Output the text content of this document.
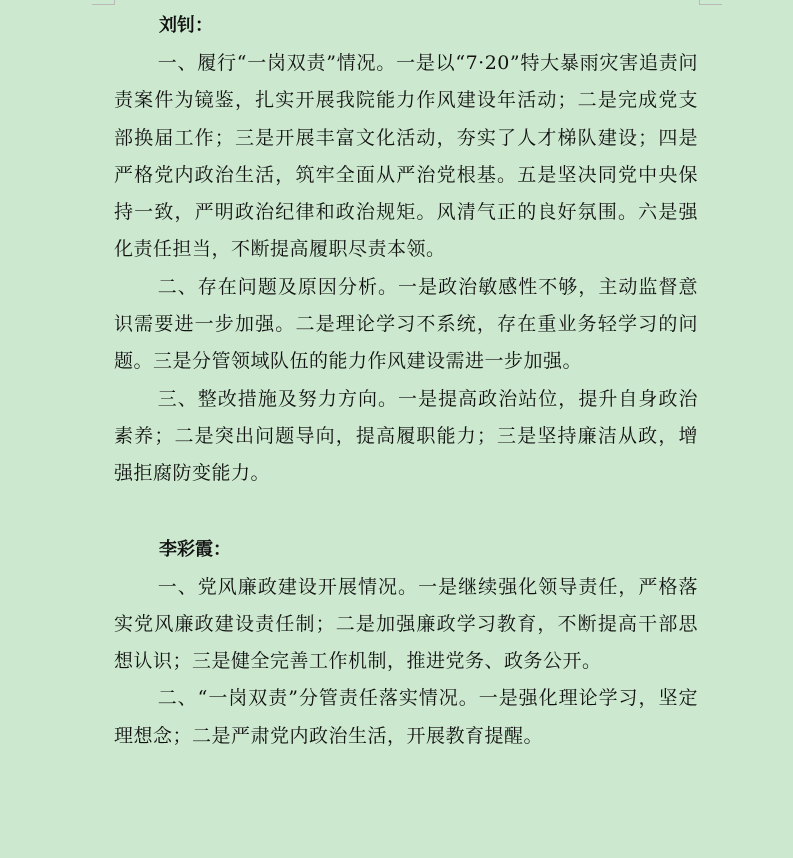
刘钊：

一、履行“一岗双责”情况。一是以“7·20”特大暴雨灾害追责问责案件为镜鉴，扎实开展我院能力作风建设年活动；二是完成党支部换届工作；三是开展丰富文化活动，夯实了人才梯队建设；四是严格党内政治生活，筑牢全面从严治党根基。五是坚决同党中央保持一致，严明政治纪律和政治规矩。风清气正的良好氛围。六是强化责任担当，不断提高履职尽责本领。

二、存在问题及原因分析。一是政治敏感性不够，主动监督意识需要进一步加强。二是理论学习不系统，存在重业务轻学习的问题。三是分管领域队伍的能力作风建设需进一步加强。

三、整改措施及努力方向。一是提高政治站位，提升自身政治素养；二是突出问题导向，提高履职能力；三是坚持廉洁从政，增强拒腐防变能力。

李彩霞：

一、党风廉政建设开展情况。一是继续强化领导责任，严格落实党风廉政建设责任制；二是加强廉政学习教育，不断提高干部思想认识；三是健全完善工作机制，推进党务、政务公开。

二、“一岗双责”分管责任落实情况。一是强化理论学习，坚定理想念；二是严肃党内政治生活，开展教育提醒。
